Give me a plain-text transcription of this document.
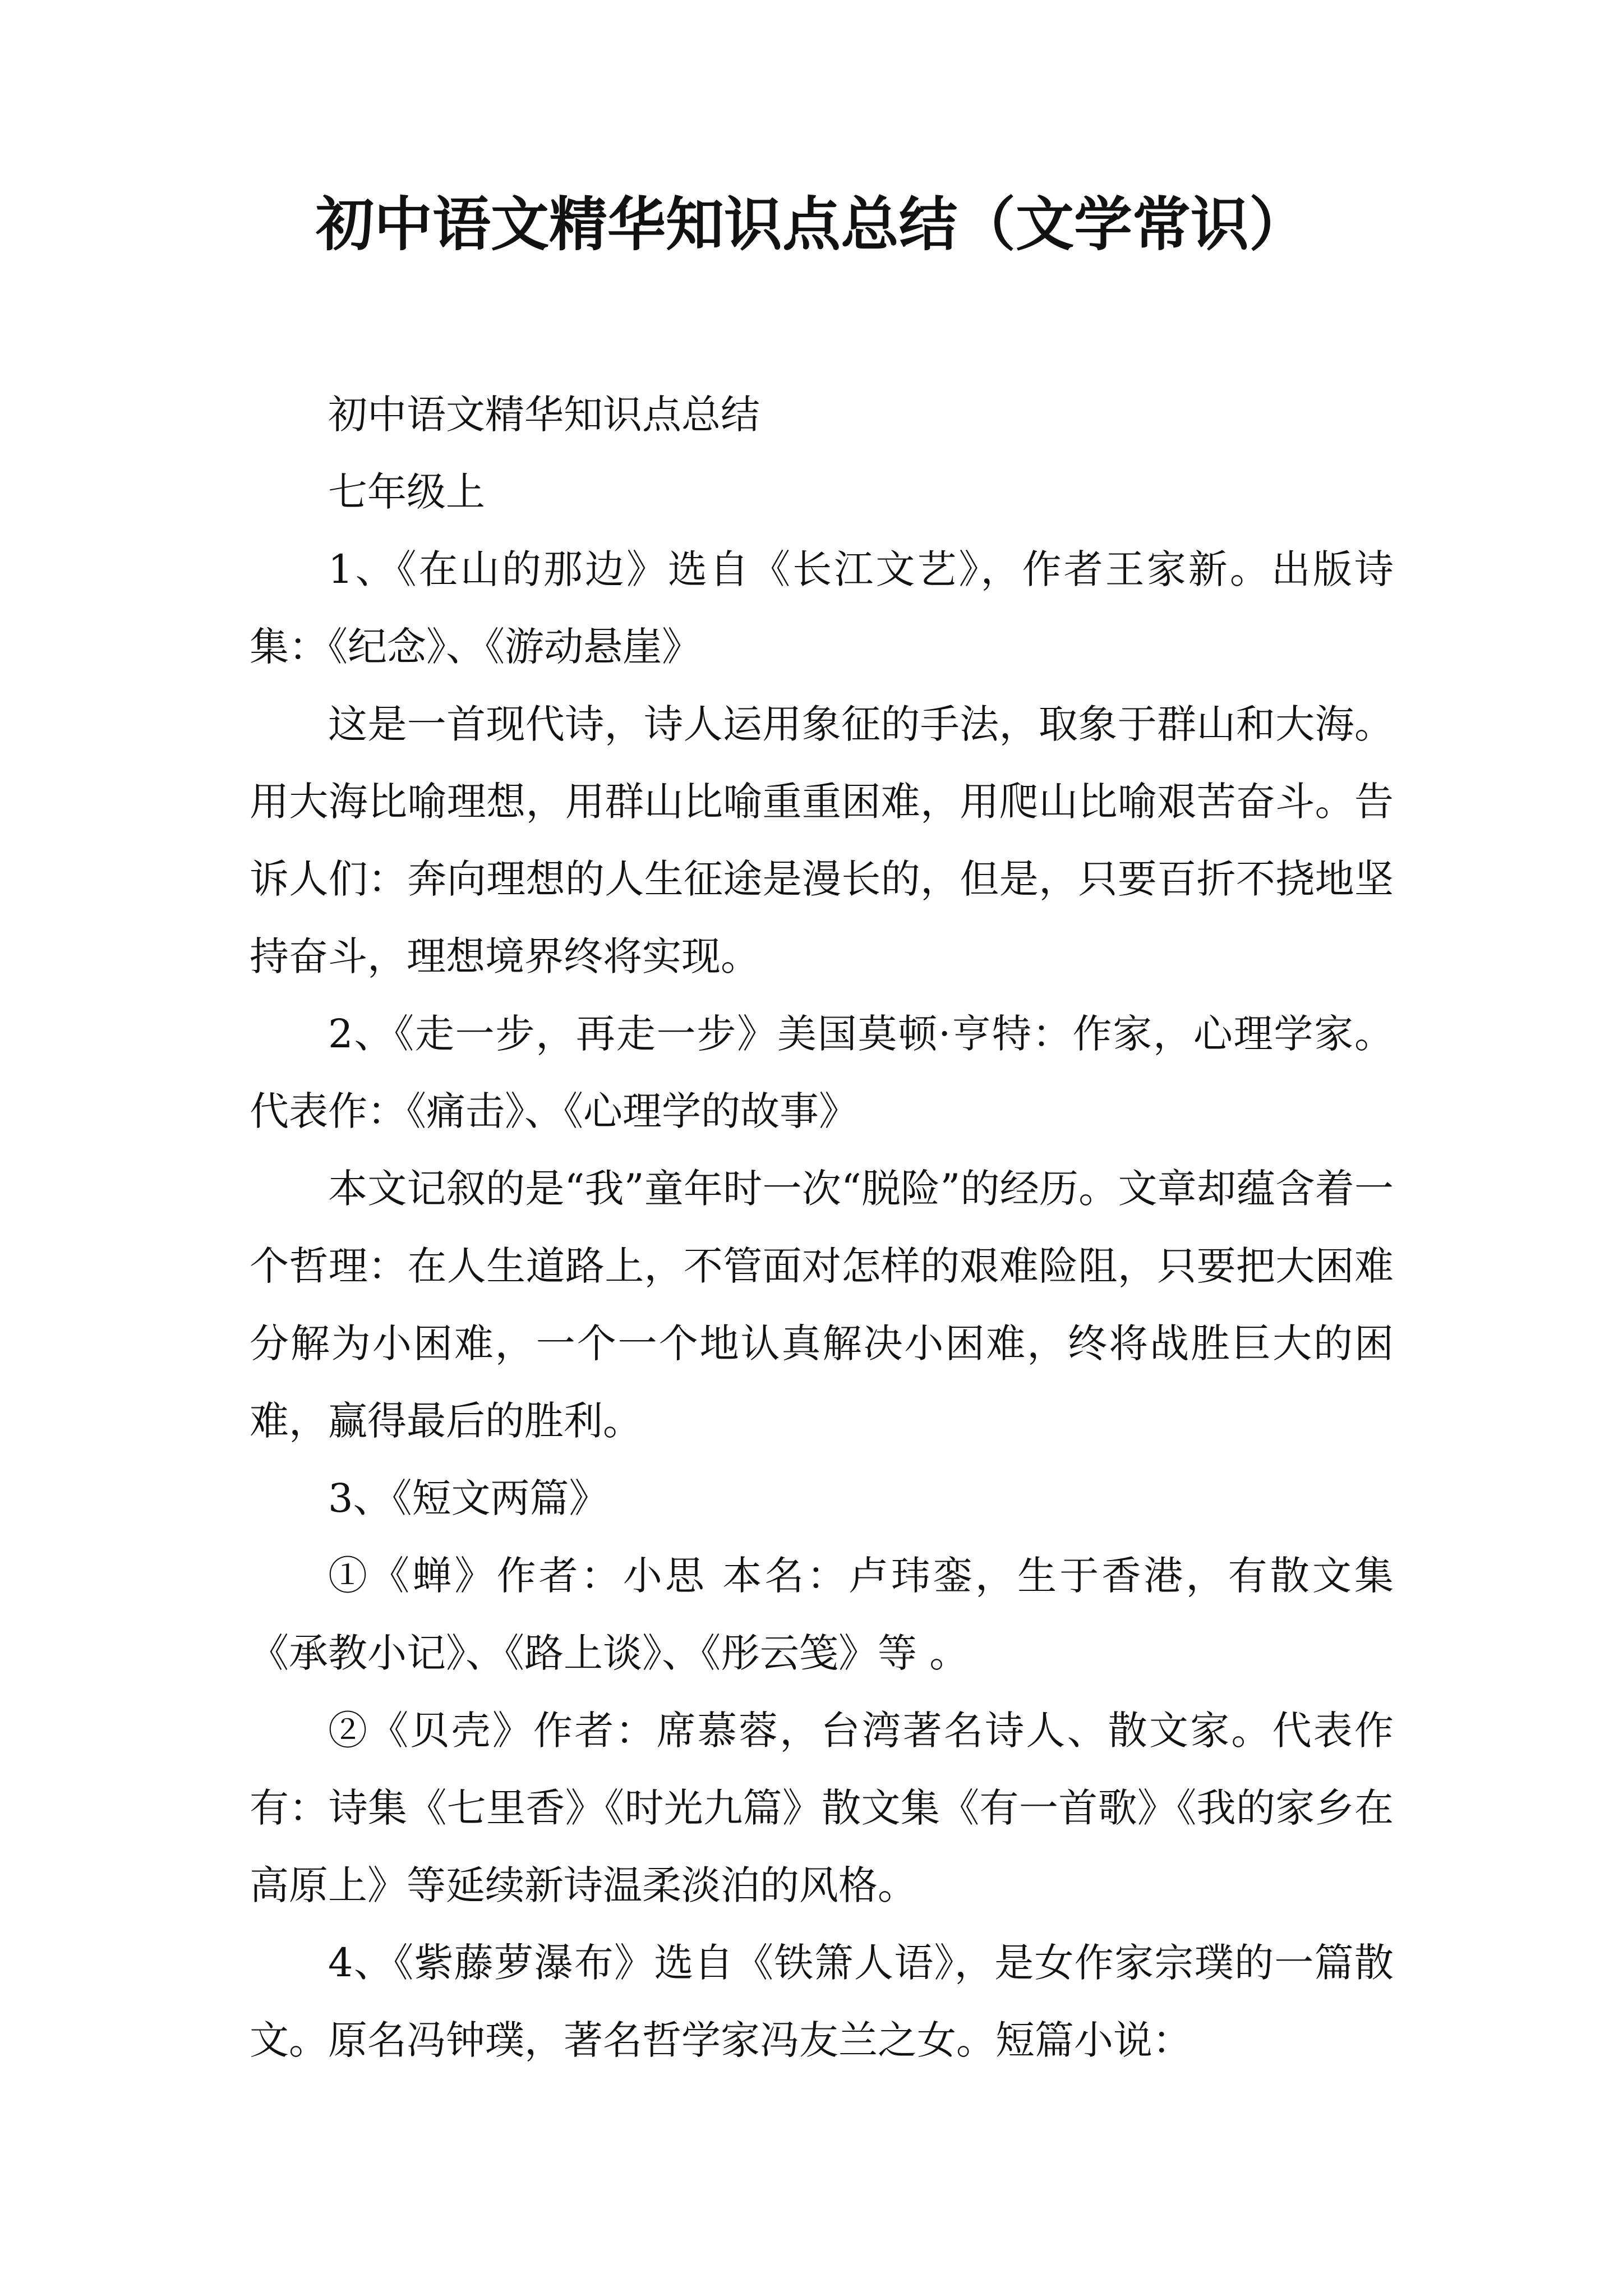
初中语文精华知识点总结（文学常识）

初中语文精华知识点总结

七年级上

1、《在山的那边》选自《长江文艺》，作者王家新。出版诗集：《纪念》、《游动悬崖》

这是一首现代诗，诗人运用象征的手法，取象于群山和大海。用大海比喻理想，用群山比喻重重困难，用爬山比喻艰苦奋斗。告诉人们：奔向理想的人生征途是漫长的，但是，只要百折不挠地坚持奋斗，理想境界终将实现。

2、《走一步，再走一步》美国莫顿·亨特：作家，心理学家。代表作：《痛击》、《心理学的故事》

本文记叙的是“我”童年时一次“脱险”的经历。文章却蕴含着一个哲理：在人生道路上，不管面对怎样的艰难险阻，只要把大困难分解为小困难，一个一个地认真解决小困难，终将战胜巨大的困难，赢得最后的胜利。

3、《短文两篇》

①《蝉》作者：小思 本名：卢玮銮，生于香港，有散文集《承教小记》、《路上谈》、《彤云笺》等 。

②《贝壳》作者：席慕蓉，台湾著名诗人、散文家。代表作有：诗集《七里香》《时光九篇》散文集《有一首歌》《我的家乡在高原上》等延续新诗温柔淡泊的风格。

4、《紫藤萝瀑布》选自《铁箫人语》，是女作家宗璞的一篇散文。原名冯钟璞，著名哲学家冯友兰之女。短篇小说：
